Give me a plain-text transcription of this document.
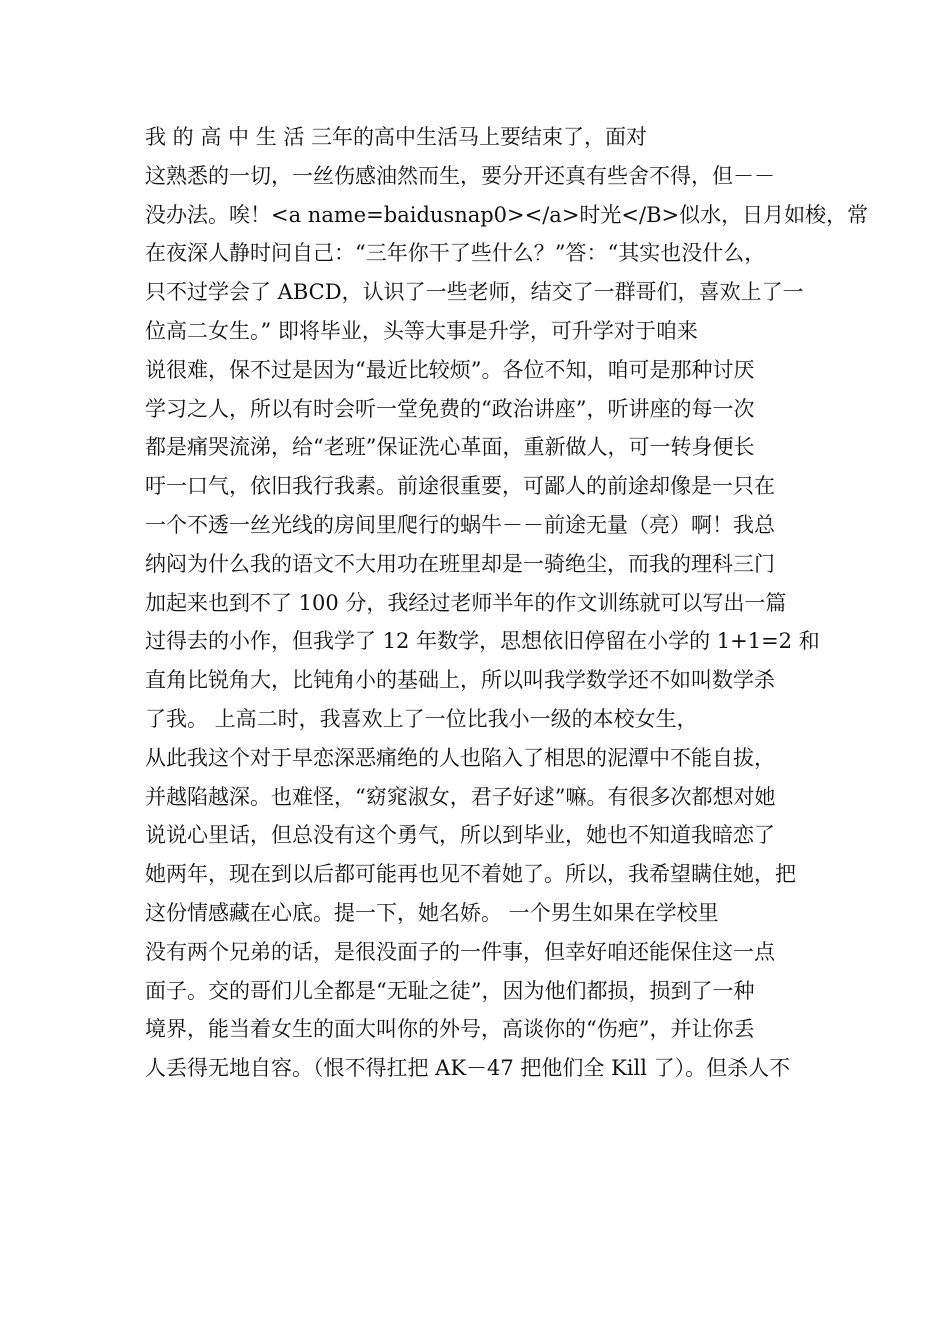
我 的 高 中 生 活 三年的高中生活马上要结束了，面对
这熟悉的一切，一丝伤感油然而生，要分开还真有些舍不得，但－－
没办法。唉！<a name=baidusnap0></a>时光</B>似水，日月如梭，常
在夜深人静时问自己：“三年你干了些什么？”答：“其实也没什么，
只不过学会了 ABCD，认识了一些老师，结交了一群哥们，喜欢上了一
位高二女生。” 即将毕业，头等大事是升学，可升学对于咱来
说很难，保不过是因为“最近比较烦”。各位不知，咱可是那种讨厌
学习之人，所以有时会听一堂免费的“政治讲座”，听讲座的每一次
都是痛哭流涕，给“老班”保证洗心革面，重新做人，可一转身便长
吁一口气，依旧我行我素。前途很重要，可鄙人的前途却像是一只在
一个不透一丝光线的房间里爬行的蜗牛－－前途无量（亮）啊！我总
纳闷为什么我的语文不大用功在班里却是一骑绝尘，而我的理科三门
加起来也到不了 100 分，我经过老师半年的作文训练就可以写出一篇
过得去的小作，但我学了 12 年数学，思想依旧停留在小学的 1+1=2 和
直角比锐角大，比钝角小的基础上，所以叫我学数学还不如叫数学杀
了我。 上高二时，我喜欢上了一位比我小一级的本校女生，
从此我这个对于早恋深恶痛绝的人也陷入了相思的泥潭中不能自拔，
并越陷越深。也难怪，“窈窕淑女，君子好逑”嘛。有很多次都想对她
说说心里话，但总没有这个勇气，所以到毕业，她也不知道我暗恋了
她两年，现在到以后都可能再也见不着她了。所以，我希望瞒住她，把
这份情感藏在心底。提一下，她名娇。 一个男生如果在学校里
没有两个兄弟的话，是很没面子的一件事，但幸好咱还能保住这一点
面子。交的哥们儿全都是“无耻之徒”，因为他们都损，损到了一种
境界，能当着女生的面大叫你的外号，高谈你的“伤疤”，并让你丢
人丢得无地自容。（恨不得扛把 AK－47 把他们全 Kill 了）。但杀人不
